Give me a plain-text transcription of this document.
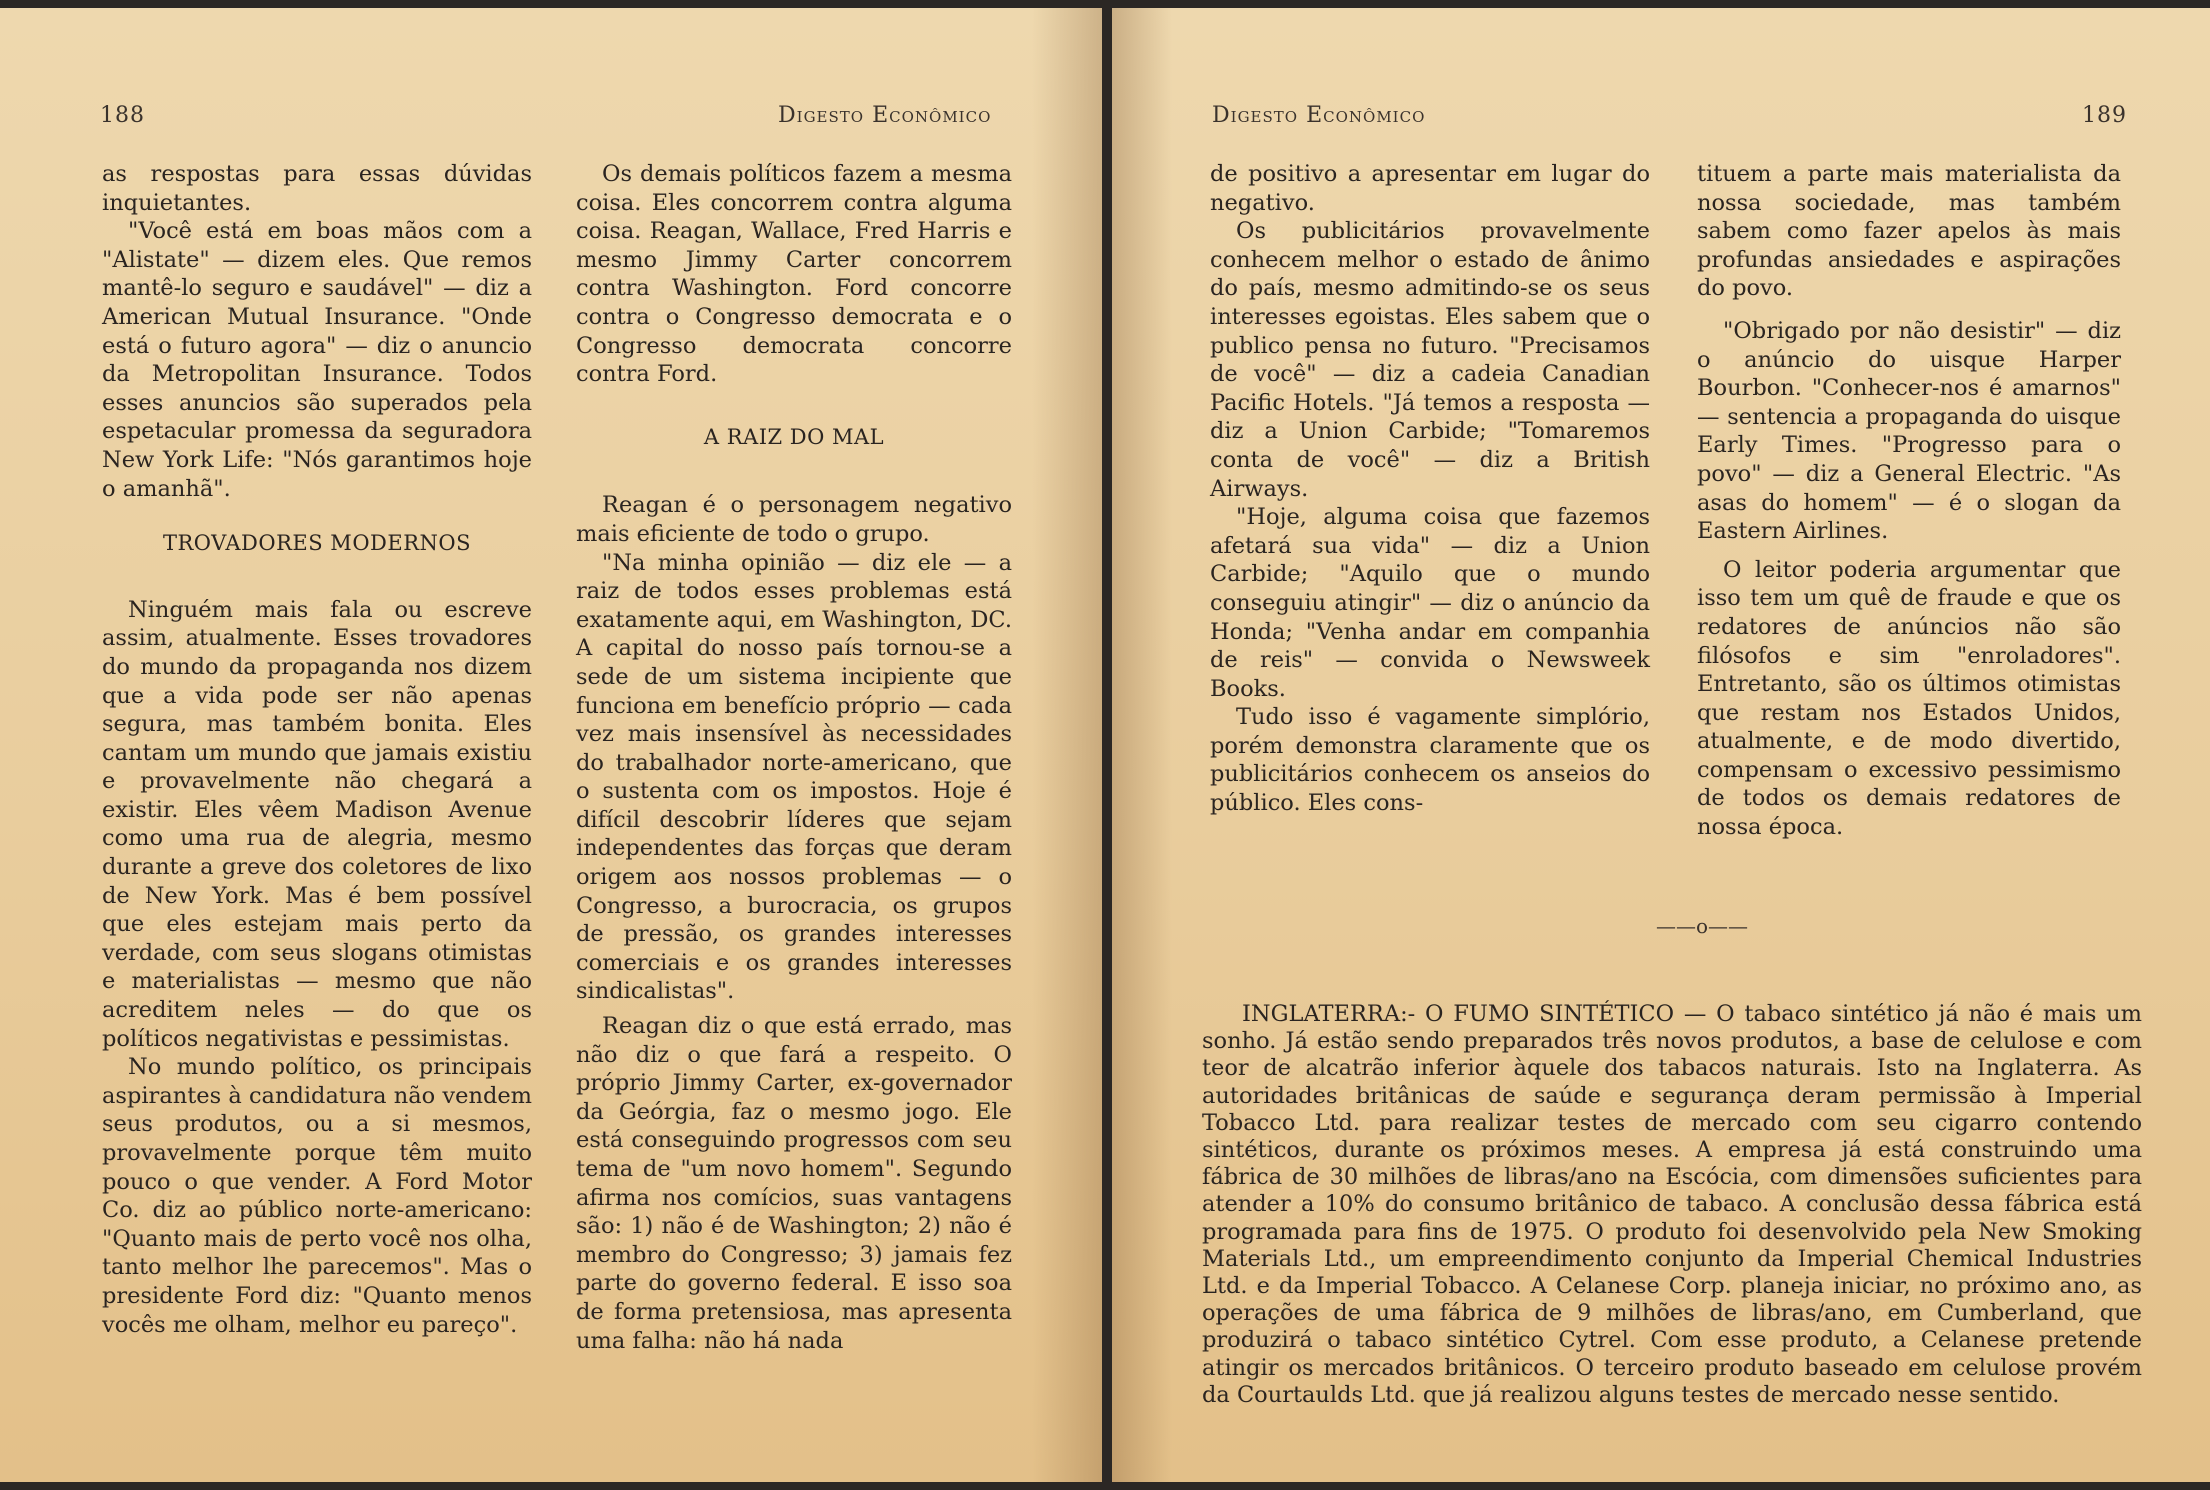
188	Digesto Econômico

as respostas para essas dúvidas inquietantes.

"Você está em boas mãos com a "Alistate" — dizem eles. Que remos mantê-lo seguro e saudável" — diz a American Mutual Insurance. "Onde está o futuro agora" — diz o anuncio da Metropolitan Insurance. Todos esses anuncios são superados pela espetacular promessa da seguradora New York Life: "Nós garantimos hoje o amanhã".

TROVADORES MODERNOS

Ninguém mais fala ou escreve assim, atualmente. Esses trovadores do mundo da propaganda nos dizem que a vida pode ser não apenas segura, mas também bonita. Eles cantam um mundo que jamais existiu e provavelmente não chegará a existir. Eles vêem Madison Avenue como uma rua de alegria, mesmo durante a greve dos coletores de lixo de New York. Mas é bem possível que eles estejam mais perto da verdade, com seus slogans otimistas e materialistas — mesmo que não acreditem neles — do que os políticos negativistas e pessimistas.

No mundo político, os principais aspirantes à candidatura não vendem seus produtos, ou a si mesmos, provavelmente porque têm muito pouco o que vender. A Ford Motor Co. diz ao público norte-americano: "Quanto mais de perto você nos olha, tanto melhor lhe parecemos". Mas o presidente Ford diz: "Quanto menos vocês me olham, melhor eu pareço".

Os demais políticos fazem a mesma coisa. Eles concorrem contra alguma coisa. Reagan, Wallace, Fred Harris e mesmo Jimmy Carter concorrem contra Washington. Ford concorre contra o Congresso democrata e o Congresso democrata concorre contra Ford.

A RAIZ DO MAL

Reagan é o personagem negativo mais eficiente de todo o grupo.

"Na minha opinião — diz ele — a raiz de todos esses problemas está exatamente aqui, em Washington, DC. A capital do nosso país tornou-se a sede de um sistema incipiente que funciona em benefício próprio — cada vez mais insensível às necessidades do trabalhador norte-americano, que o sustenta com os impostos. Hoje é difícil descobrir líderes que sejam independentes das forças que deram origem aos nossos problemas — o Congresso, a burocracia, os grupos de pressão, os grandes interesses comerciais e os grandes interesses sindicalistas".

Reagan diz o que está errado, mas não diz o que fará a respeito. O próprio Jimmy Carter, ex-governador da Geórgia, faz o mesmo jogo. Ele está conseguindo progressos com seu tema de "um novo homem". Segundo afirma nos comícios, suas vantagens são: 1) não é de Washington; 2) não é membro do Congresso; 3) jamais fez parte do governo federal. E isso soa de forma pretensiosa, mas apresenta uma falha: não há nada

Digesto Econômico	189

de positivo a apresentar em lugar do negativo.

Os publicitários provavelmente conhecem melhor o estado de ânimo do país, mesmo admitindo-se os seus interesses egoistas. Eles sabem que o publico pensa no futuro. "Precisamos de você" — diz a cadeia Canadian Pacific Hotels. "Já temos a resposta — diz a Union Carbide; "Tomaremos conta de você" — diz a British Airways.

"Hoje, alguma coisa que fazemos afetará sua vida" — diz a Union Carbide; "Aquilo que o mundo conseguiu atingir" — diz o anúncio da Honda; "Venha andar em companhia de reis" — convida o Newsweek Books.

Tudo isso é vagamente simplório, porém demonstra claramente que os publicitários conhecem os anseios do público. Eles cons-

tituem a parte mais materialista da nossa sociedade, mas também sabem como fazer apelos às mais profundas ansiedades e aspirações do povo.

"Obrigado por não desistir" — diz o anúncio do uisque Harper Bourbon. "Conhecer-nos é amarnos" — sentencia a propaganda do uisque Early Times. "Progresso para o povo" — diz a General Electric. "As asas do homem" — é o slogan da Eastern Airlines.

O leitor poderia argumentar que isso tem um quê de fraude e que os redatores de anúncios não são filósofos e sim "enroladores". Entretanto, são os últimos otimistas que restam nos Estados Unidos, atualmente, e de modo divertido, compensam o excessivo pessimismo de todos os demais redatores de nossa época.

——o——

INGLATERRA:- O FUMO SINTÉTICO — O tabaco sintético já não é mais um sonho. Já estão sendo preparados três novos produtos, a base de celulose e com teor de alcatrão inferior àquele dos tabacos naturais. Isto na Inglaterra. As autoridades britânicas de saúde e segurança deram permissão à Imperial Tobacco Ltd. para realizar testes de mercado com seu cigarro contendo sintéticos, durante os próximos meses. A empresa já está construindo uma fábrica de 30 milhões de libras/ano na Escócia, com dimensões suficientes para atender a 10% do consumo britânico de tabaco. A conclusão dessa fábrica está programada para fins de 1975. O produto foi desenvolvido pela New Smoking Materials Ltd., um empreendimento conjunto da Imperial Chemical Industries Ltd. e da Imperial Tobacco. A Celanese Corp. planeja iniciar, no próximo ano, as operações de uma fábrica de 9 milhões de libras/ano, em Cumberland, que produzirá o tabaco sintético Cytrel. Com esse produto, a Celanese pretende atingir os mercados britânicos. O terceiro produto baseado em celulose provém da Courtaulds Ltd. que já realizou alguns testes de mercado nesse sentido.
